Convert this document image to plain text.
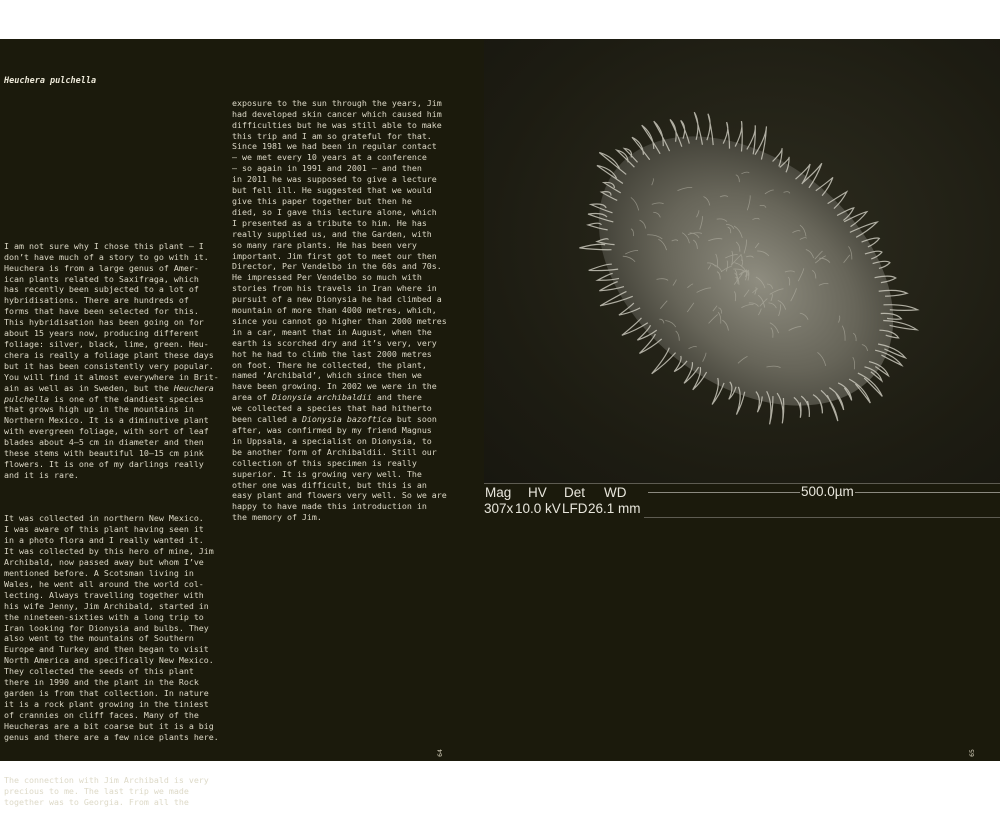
Heuchera pulchella

I am not sure why I chose this plant – I
don’t have much of a story to go with it.
Heuchera is from a large genus of Amer-
ican plants related to Saxifraga, which
has recently been subjected to a lot of
hybridisations. There are hundreds of
forms that have been selected for this.
This hybridisation has been going on for
about 15 years now, producing different
foliage: silver, black, lime, green. Heu-
chera is really a foliage plant these days
but it has been consistently very popular.
You will find it almost everywhere in Brit-
ain as well as in Sweden, but the Heuchera
pulchella is one of the dandiest species
that grows high up in the mountains in
Northern Mexico. It is a diminutive plant
with evergreen foliage, with sort of leaf
blades about 4–5 cm in diameter and then
these stems with beautiful 10–15 cm pink
flowers. It is one of my darlings really
and it is rare.

It was collected in northern New Mexico.
I was aware of this plant having seen it
in a photo flora and I really wanted it.
It was collected by this hero of mine, Jim
Archibald, now passed away but whom I’ve
mentioned before. A Scotsman living in
Wales, he went all around the world col-
lecting. Always travelling together with
his wife Jenny, Jim Archibald, started in
the nineteen-sixties with a long trip to
Iran looking for Dionysia and bulbs. They
also went to the mountains of Southern
Europe and Turkey and then began to visit
North America and specifically New Mexico.
They collected the seeds of this plant
there in 1990 and the plant in the Rock
garden is from that collection. In nature
it is a rock plant growing in the tiniest
of crannies on cliff faces. Many of the
Heucheras are a bit coarse but it is a big
genus and there are a few nice plants here.

The connection with Jim Archibald is very
precious to me. The last trip we made
together was to Georgia. From all the

exposure to the sun through the years, Jim
had developed skin cancer which caused him
difficulties but he was still able to make
this trip and I am so grateful for that.
Since 1981 we had been in regular contact
– we met every 10 years at a conference
– so again in 1991 and 2001 – and then
in 2011 he was supposed to give a lecture
but fell ill. He suggested that we would
give this paper together but then he
died, so I gave this lecture alone, which
I presented as a tribute to him. He has
really supplied us, and the Garden, with
so many rare plants. He has been very
important. Jim first got to meet our then
Director, Per Vendelbo in the 60s and 70s.
He impressed Per Vendelbo so much with
stories from his travels in Iran where in
pursuit of a new Dionysia he had climbed a
mountain of more than 4000 metres, which,
since you cannot go higher than 2000 metres
in a car, meant that in August, when the
earth is scorched dry and it’s very, very
hot he had to climb the last 2000 metres
on foot. There he collected, the plant,
named ‘Archibald’, which since then we
have been growing. In 2002 we were in the
area of Dionysia archibaldii and there
we collected a species that had hitherto
been called a Dionysia bazoftica but soon
after, was confirmed by my friend Magnus
in Uppsala, a specialist on Dionysia, to
be another form of Archibaldii. Still our
collection of this specimen is really
superior. It is growing very well. The
other one was difficult, but this is an
easy plant and flowers very well. So we are
happy to have made this introduction in
the memory of Jim.

64
Mag HV Det WD
307x 10.0 kV LFD 26.1 mm
500.0µm
65
